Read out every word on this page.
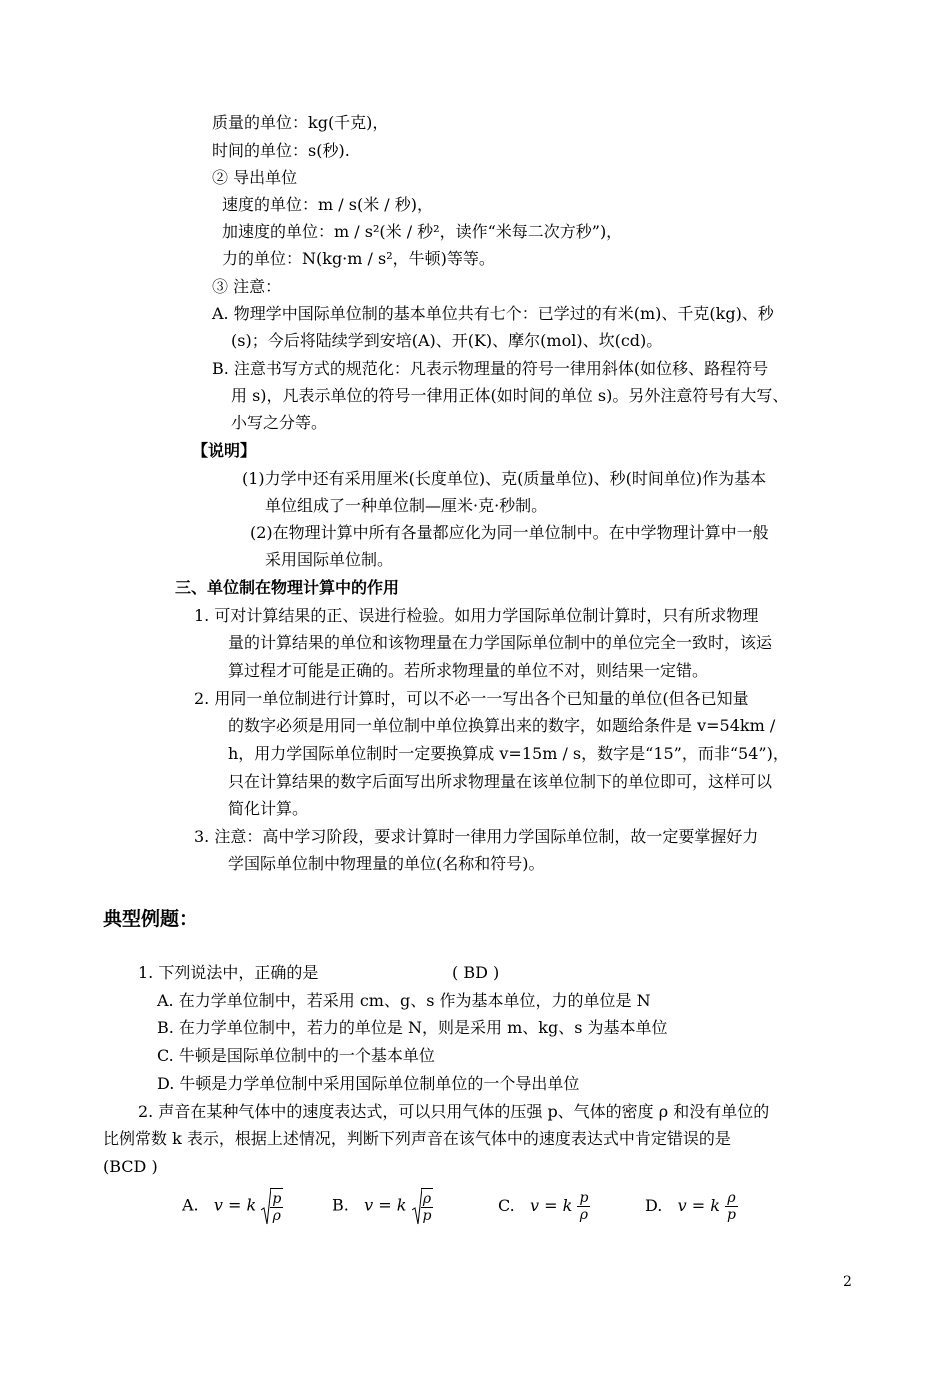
质量的单位：kg(千克)，
时间的单位：s(秒).
② 导出单位
速度的单位：m / s(米 / 秒)，
加速度的单位：m / s²(米 / 秒²，读作“米每二次方秒”)，
力的单位：N(kg·m / s²，牛顿)等等。
③ 注意：
A. 物理学中国际单位制的基本单位共有七个：已学过的有米(m)、千克(kg)、秒
(s)；今后将陆续学到安培(A)、开(K)、摩尔(mol)、坎(cd)。
B. 注意书写方式的规范化：凡表示物理量的符号一律用斜体(如位移、路程符号
用 s)，凡表示单位的符号一律用正体(如时间的单位 s)。另外注意符号有大写、
小写之分等。
【说明】
(1)力学中还有采用厘米(长度单位)、克(质量单位)、秒(时间单位)作为基本
单位组成了一种单位制—厘米·克·秒制。
(2)在物理计算中所有各量都应化为同一单位制中。在中学物理计算中一般
采用国际单位制。
三、单位制在物理计算中的作用
1. 可对计算结果的正、误进行检验。如用力学国际单位制计算时，只有所求物理
量的计算结果的单位和该物理量在力学国际单位制中的单位完全一致时，该运
算过程才可能是正确的。若所求物理量的单位不对，则结果一定错。
2. 用同一单位制进行计算时，可以不必一一写出各个已知量的单位(但各已知量
的数字必须是用同一单位制中单位换算出来的数字，如题给条件是 v=54km /
h，用力学国际单位制时一定要换算成 v=15m / s，数字是“15”，而非“54”)，
只在计算结果的数字后面写出所求物理量在该单位制下的单位即可，这样可以
简化计算。
3. 注意：高中学习阶段，要求计算时一律用力学国际单位制，故一定要掌握好力
学国际单位制中物理量的单位(名称和符号)。
典型例题：
1. 下列说法中，正确的是	( BD )
A. 在力学单位制中，若采用 cm、g、s 作为基本单位，力的单位是 N
B. 在力学单位制中，若力的单位是 N，则是采用 m、kg、s 为基本单位
C. 牛顿是国际单位制中的一个基本单位
D. 牛顿是力学单位制中采用国际单位制单位的一个导出单位
2. 声音在某种气体中的速度表达式，可以只用气体的压强 p、气体的密度 ρ 和没有单位的
比例常数 k 表示，根据上述情况，判断下列声音在该气体中的速度表达式中肯定错误的是
(BCD )
A. v = k $\frac{p}{\rho}$	B. v = k $\frac{\rho}{p}$	C. v = k $\frac{p}{\rho}$	D. v = k $\frac{\rho}{p}$
2
